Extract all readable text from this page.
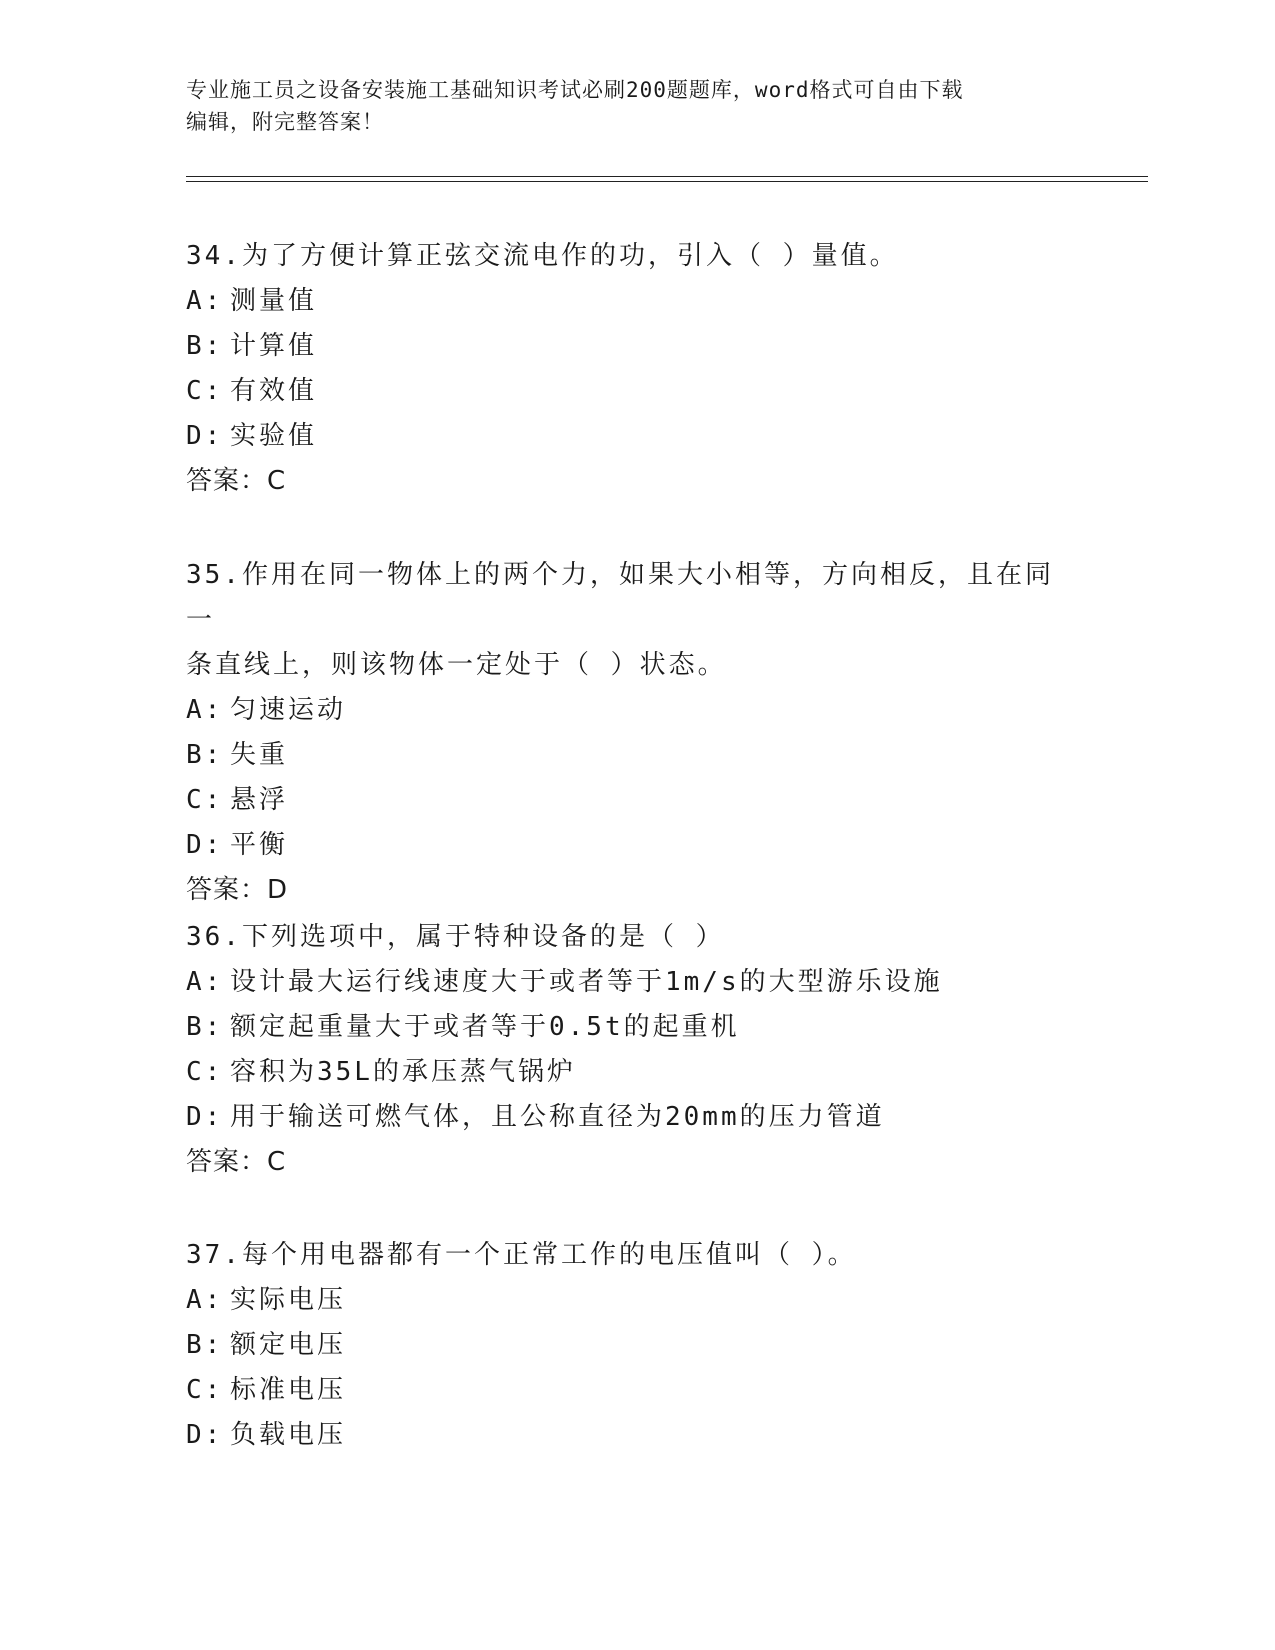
专业施工员之设备安装施工基础知识考试必刷200题题库，word格式可自由下载
编辑，附完整答案！
34.为了方便计算正弦交流电作的功，引入（ ）量值。
A: 测量值
B: 计算值
C: 有效值
D: 实验值
答案：C
35.作用在同一物体上的两个力，如果大小相等，方向相反，且在同一
条直线上，则该物体一定处于（ ）状态。
A: 匀速运动
B: 失重
C: 悬浮
D: 平衡
答案：D
36.下列选项中，属于特种设备的是（ ）
A: 设计最大运行线速度大于或者等于1m/s的大型游乐设施
B: 额定起重量大于或者等于0.5t的起重机
C: 容积为35L的承压蒸气锅炉
D: 用于输送可燃气体，且公称直径为20mm的压力管道
答案：C
37.每个用电器都有一个正常工作的电压值叫（ ）。
A: 实际电压
B: 额定电压
C: 标准电压
D: 负载电压
